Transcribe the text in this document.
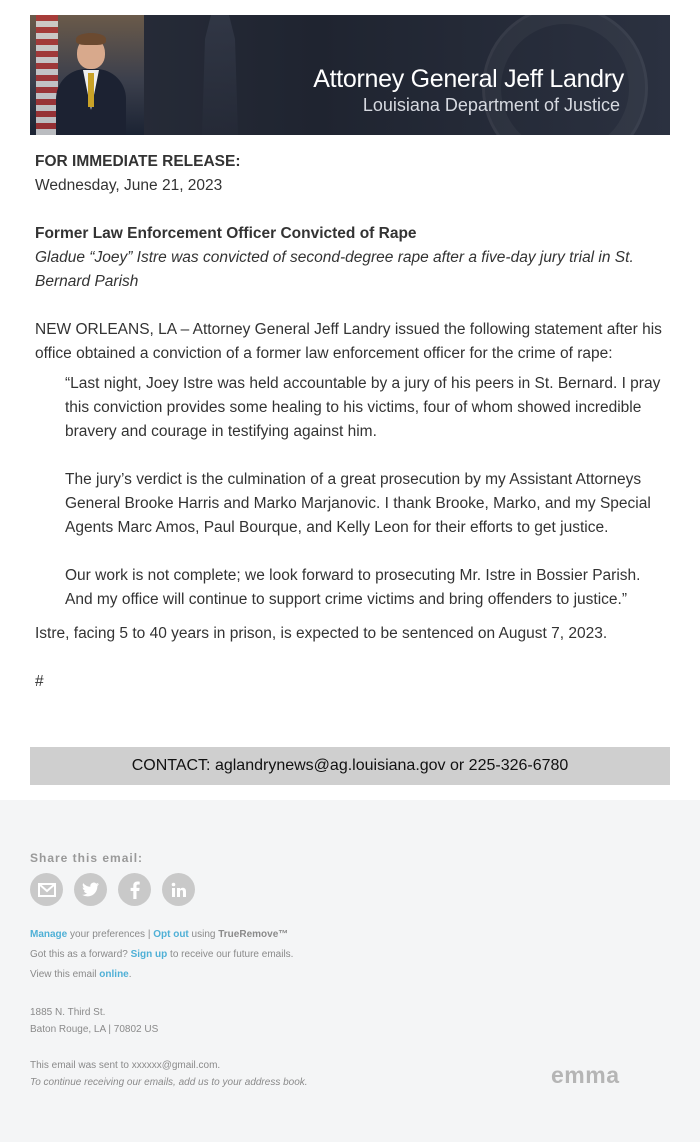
Attorney General Jeff Landry
Louisiana Department of Justice

FOR IMMEDIATE RELEASE:

Wednesday, June 21, 2023

Former Law Enforcement Officer Convicted of Rape

Gladue “Joey” Istre was convicted of second-degree rape after a five-day jury trial in St. Bernard Parish

NEW ORLEANS, LA – Attorney General Jeff Landry issued the following statement after his office obtained a conviction of a former law enforcement officer for the crime of rape:

“Last night, Joey Istre was held accountable by a jury of his peers in St. Bernard. I pray this conviction provides some healing to his victims, four of whom showed incredible bravery and courage in testifying against him.

The jury’s verdict is the culmination of a great prosecution by my Assistant Attorneys General Brooke Harris and Marko Marjanovic. I thank Brooke, Marko, and my Special Agents Marc Amos, Paul Bourque, and Kelly Leon for their efforts to get justice.

Our work is not complete; we look forward to prosecuting Mr. Istre in Bossier Parish. And my office will continue to support crime victims and bring offenders to justice.”

Istre, facing 5 to 40 years in prison, is expected to be sentenced on August 7, 2023.

#

CONTACT: aglandrynews@ag.louisiana.gov or 225-326-6780
Share this email:
Manage your preferences | Opt out using TrueRemove™
Got this as a forward? Sign up to receive our future emails.
View this email online.
1885 N. Third St.
Baton Rouge, LA | 70802 US
This email was sent to xxxxxx@gmail.com.
To continue receiving our emails, add us to your address book.	emma
